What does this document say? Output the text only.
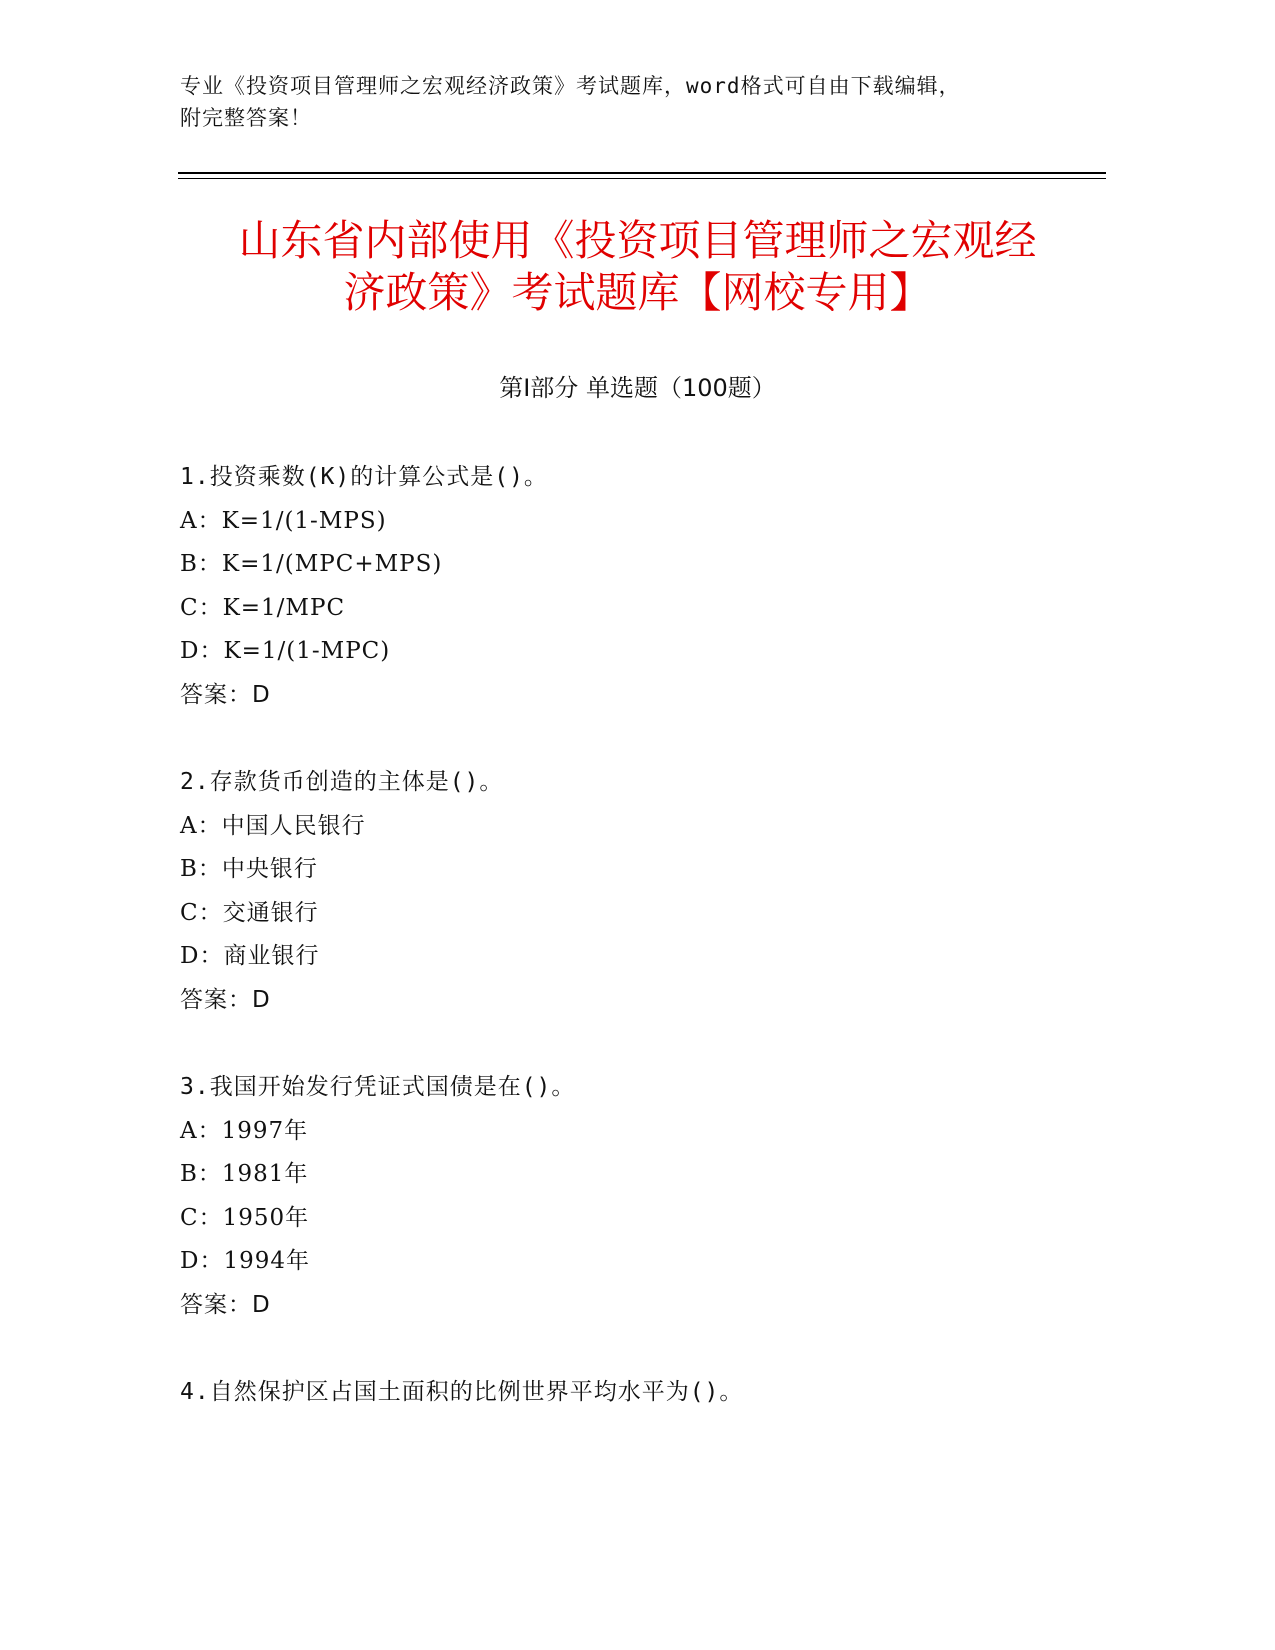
专业《投资项目管理师之宏观经济政策》考试题库，word格式可自由下载编辑，
附完整答案！
山东省内部使用《投资项目管理师之宏观经
济政策》考试题库【网校专用】
第Ⅰ部分 单选题（100题）
1.投资乘数(K)的计算公式是()。
A：K=1/(1-MPS)
B：K=1/(MPC+MPS)
C：K=1/MPC
D：K=1/(1-MPC)
答案：D
2.存款货币创造的主体是()。
A：中国人民银行
B：中央银行
C：交通银行
D：商业银行
答案：D
3.我国开始发行凭证式国债是在()。
A：1997年
B：1981年
C：1950年
D：1994年
答案：D
4.自然保护区占国土面积的比例世界平均水平为()。
